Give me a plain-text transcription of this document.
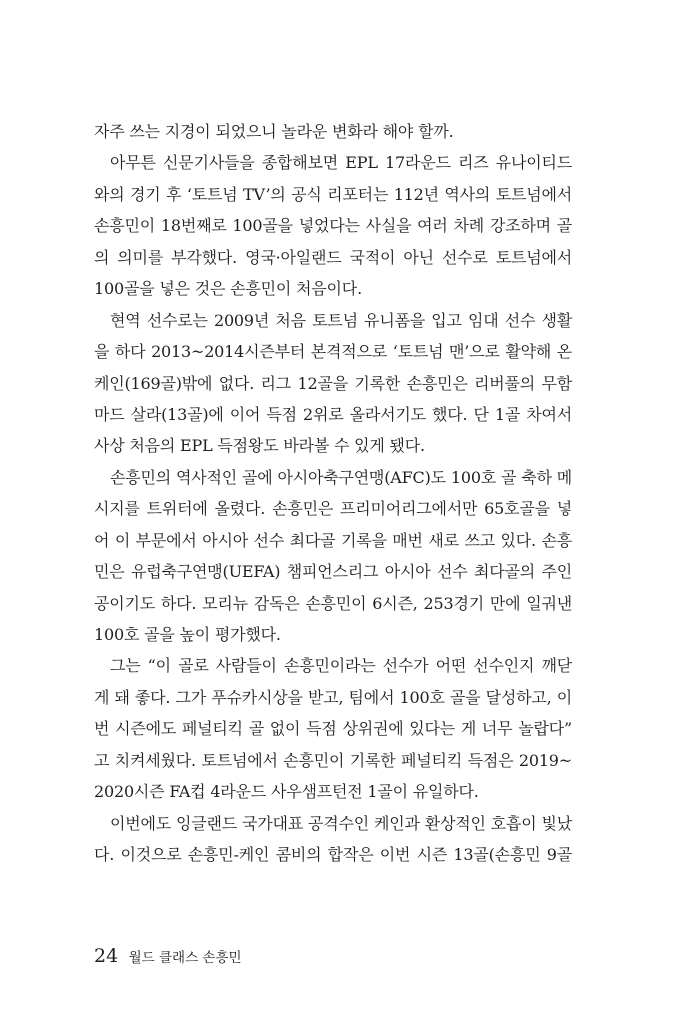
자주 쓰는 지경이 되었으니 놀라운 변화라 해야 할까.
아무튼 신문기사들을 종합해보면 EPL 17라운드 리즈 유나이티드
와의 경기 후 ‘토트넘 TV’의 공식 리포터는 112년 역사의 토트넘에서
손흥민이 18번째로 100골을 넣었다는 사실을 여러 차례 강조하며 골
의 의미를 부각했다. 영국·아일랜드 국적이 아닌 선수로 토트넘에서
100골을 넣은 것은 손흥민이 처음이다.
현역 선수로는 2009년 처음 토트넘 유니폼을 입고 임대 선수 생활
을 하다 2013~2014시즌부터 본격적으로 ‘토트넘 맨’으로 활약해 온
케인(169골)밖에 없다. 리그 12골을 기록한 손흥민은 리버풀의 무함
마드 살라(13골)에 이어 득점 2위로 올라서기도 했다. 단 1골 차여서
사상 처음의 EPL 득점왕도 바라볼 수 있게 됐다.
손흥민의 역사적인 골에 아시아축구연맹(AFC)도 100호 골 축하 메
시지를 트위터에 올렸다. 손흥민은 프리미어리그에서만 65호골을 넣
어 이 부문에서 아시아 선수 최다골 기록을 매번 새로 쓰고 있다. 손흥
민은 유럽축구연맹(UEFA) 챔피언스리그 아시아 선수 최다골의 주인
공이기도 하다. 모리뉴 감독은 손흥민이 6시즌, 253경기 만에 일궈낸
100호 골을 높이 평가했다.
그는 “이 골로 사람들이 손흥민이라는 선수가 어떤 선수인지 깨닫
게 돼 좋다. 그가 푸슈카시상을 받고, 팀에서 100호 골을 달성하고, 이
번 시즌에도 페널티킥 골 없이 득점 상위권에 있다는 게 너무 놀랍다”
고 치켜세웠다. 토트넘에서 손흥민이 기록한 페널티킥 득점은 2019~
2020시즌 FA컵 4라운드 사우샘프턴전 1골이 유일하다.
이번에도 잉글랜드 국가대표 공격수인 케인과 환상적인 호흡이 빛났
다. 이것으로 손흥민-케인 콤비의 합작은 이번 시즌 13골(손흥민 9골
24 월드 클래스 손흥민
